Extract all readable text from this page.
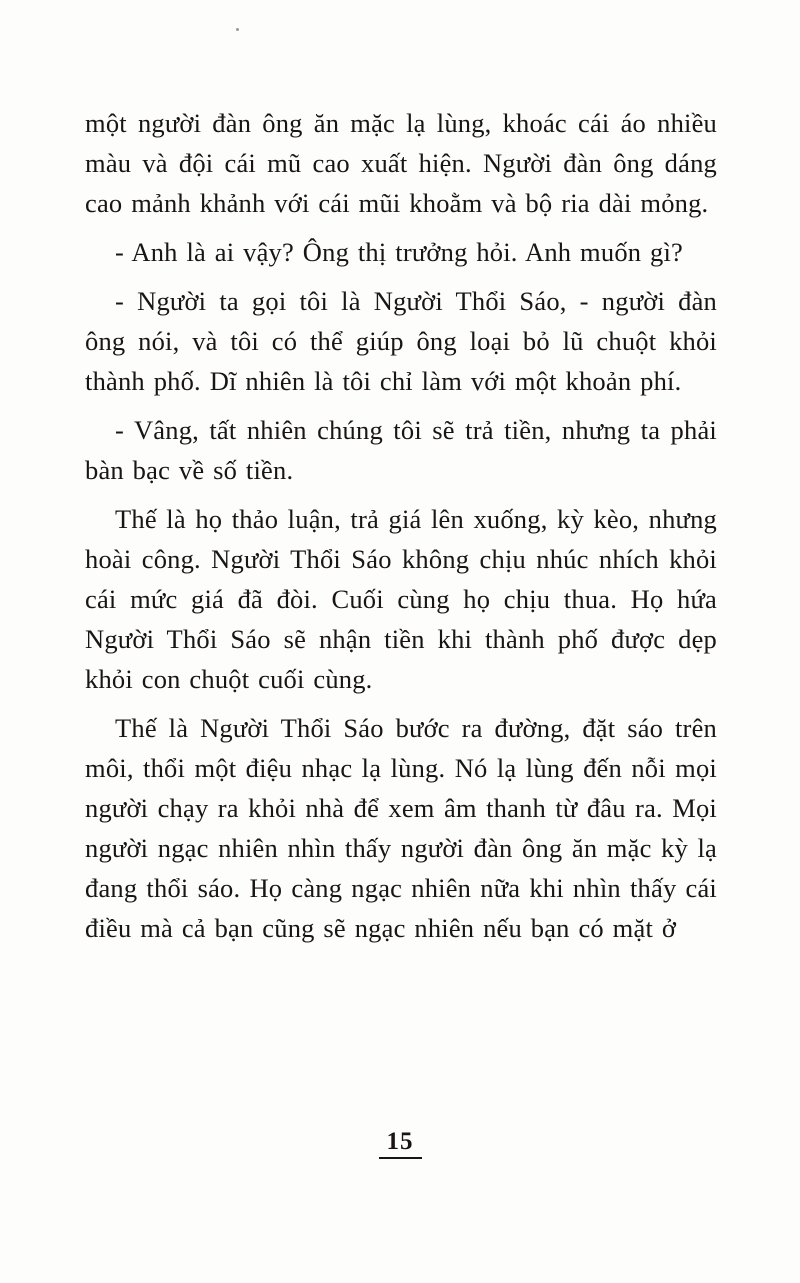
một người đàn ông ăn mặc lạ lùng, khoác cái áo nhiều màu và đội cái mũ cao xuất hiện. Người đàn ông dáng cao mảnh khảnh với cái mũi khoằm và bộ ria dài mỏng.

- Anh là ai vậy? Ông thị trưởng hỏi. Anh muốn gì?

- Người ta gọi tôi là Người Thổi Sáo, - người đàn ông nói, và tôi có thể giúp ông loại bỏ lũ chuột khỏi thành phố. Dĩ nhiên là tôi chỉ làm với một khoản phí.

- Vâng, tất nhiên chúng tôi sẽ trả tiền, nhưng ta phải bàn bạc về số tiền.

Thế là họ thảo luận, trả giá lên xuống, kỳ kèo, nhưng hoài công. Người Thổi Sáo không chịu nhúc nhích khỏi cái mức giá đã đòi. Cuối cùng họ chịu thua. Họ hứa Người Thổi Sáo sẽ nhận tiền khi thành phố được dẹp khỏi con chuột cuối cùng.

Thế là Người Thổi Sáo bước ra đường, đặt sáo trên môi, thổi một điệu nhạc lạ lùng. Nó lạ lùng đến nỗi mọi người chạy ra khỏi nhà để xem âm thanh từ đâu ra. Mọi người ngạc nhiên nhìn thấy người đàn ông ăn mặc kỳ lạ đang thổi sáo. Họ càng ngạc nhiên nữa khi nhìn thấy cái điều mà cả bạn cũng sẽ ngạc nhiên nếu bạn có mặt ở

15
